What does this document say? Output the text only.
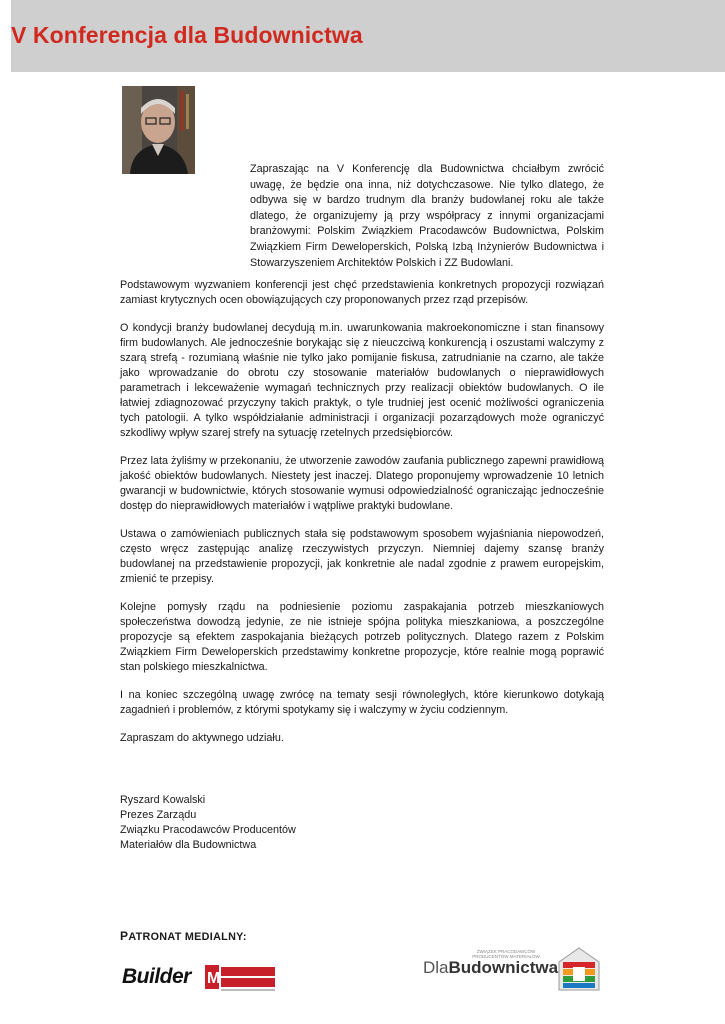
V Konferencja dla Budownictwa
Zapraszając na V Konferencję dla Budownictwa chciałbym zwrócić uwagę, że będzie ona inna, niż dotychczasowe. Nie tylko dlatego, że odbywa się w bardzo trudnym dla branży budowlanej roku ale także dlatego, że organizujemy ją przy współpracy z innymi organizacjami branżowymi: Polskim Związkiem Pracodawców Budownictwa, Polskim Związkiem Firm Deweloperskich, Polską Izbą Inżynierów Budownictwa i Stowarzyszeniem Architektów Polskich i ZZ Budowlani.

Podstawowym wyzwaniem konferencji jest chęć przedstawienia konkretnych propozycji rozwiązań zamiast krytycznych ocen obowiązujących czy proponowanych przez rząd przepisów.

O kondycji branży budowlanej decydują m.in. uwarunkowania makroekonomiczne i stan finansowy firm budowlanych. Ale jednocześnie borykając się z nieuczciwą konkurencją i oszustami walczymy z szarą strefą - rozumianą właśnie nie tylko jako pomijanie fiskusa, zatrudnianie na czarno, ale także jako wprowadzanie do obrotu czy stosowanie materiałów budowlanych o nieprawidłowych parametrach i lekceważenie wymagań technicznych przy realizacji obiektów budowlanych. O ile łatwiej zdiagnozować przyczyny takich praktyk, o tyle trudniej jest ocenić możliwości ograniczenia tych patologii. A tylko współdziałanie administracji i organizacji pozarządowych może ograniczyć szkodliwy wpływ szarej strefy na sytuację rzetelnych przedsiębiorców.

Przez lata żyliśmy w przekonaniu, że utworzenie zawodów zaufania publicznego zapewni prawidłową jakość obiektów budowlanych. Niestety jest inaczej. Dlatego proponujemy wprowadzenie 10 letnich gwarancji w budownictwie, których stosowanie wymusi odpowiedzialność ograniczając jednocześnie dostęp do nieprawidłowych materiałów i wątpliwe praktyki budowlane.

Ustawa o zamówieniach publicznych stała się podstawowym sposobem wyjaśniania niepowodzeń, często wręcz zastępując analizę rzeczywistych przyczyn. Niemniej dajemy szansę branży budowlanej na przedstawienie propozycji, jak konkretnie ale nadal zgodnie z prawem europejskim, zmienić te przepisy.

Kolejne pomysły rządu na podniesienie poziomu zaspakajania potrzeb mieszkaniowych społeczeństwa dowodzą jedynie, ze nie istnieje spójna polityka mieszkaniowa, a poszczególne propozycje są efektem zaspokajania bieżących potrzeb politycznych. Dlatego razem z Polskim Związkiem Firm Deweloperskich przedstawimy konkretne propozycje, które realnie mogą poprawić stan polskiego mieszkalnictwa.

I na koniec szczególną uwagę zwrócę na tematy sesji równoległych, które kierunkowo dotykają zagadnień i problemów, z którymi spotykamy się i walczymy w życiu codziennym.

Zapraszam do aktywnego udziału.

Ryszard Kowalski
Prezes Zarządu
Związku Pracodawców Producentów
Materiałów dla Budownictwa
PATRONAT MEDIALNY:
Builder M
ZWIĄZEK PRACODAWCÓW PRODUCENTÓW MATERIAŁÓW
DlaBudownictwa
